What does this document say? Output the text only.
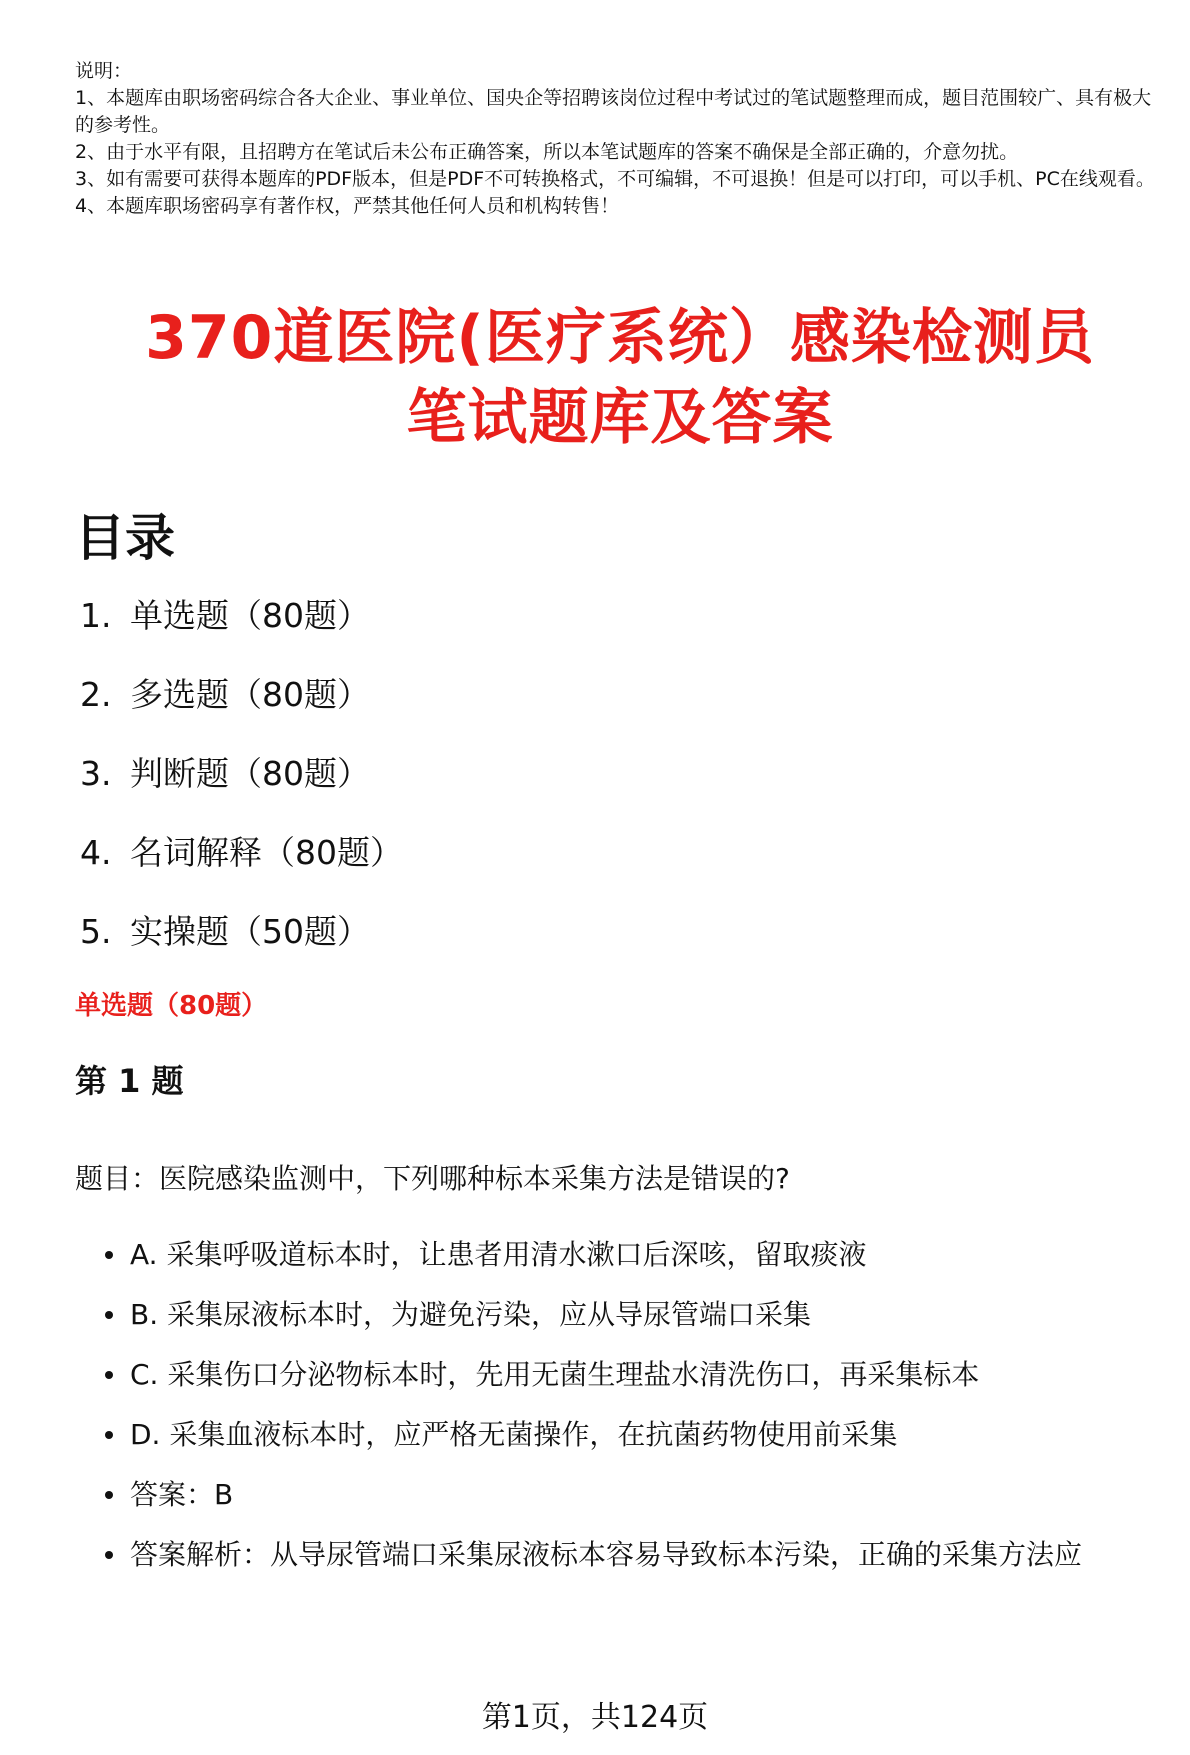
说明：

1、本题库由职场密码综合各大企业、事业单位、国央企等招聘该岗位过程中考试过的笔试题整理而成，题目范围较广、具有极大的参考性。

2、由于水平有限，且招聘方在笔试后未公布正确答案，所以本笔试题库的答案不确保是全部正确的，介意勿扰。

3、如有需要可获得本题库的PDF版本，但是PDF不可转换格式，不可编辑，不可退换！但是可以打印，可以手机、PC在线观看。

4、本题库职场密码享有著作权，严禁其他任何人员和机构转售！

370道医院(医疗系统）感染检测员
笔试题库及答案
目录
1. 单选题（80题）
2. 多选题（80题）
3. 判断题（80题）
4. 名词解释（80题）
5. 实操题（50题）
单选题（80题）
第 1 题
题目：医院感染监测中，下列哪种标本采集方法是错误的?
A. 采集呼吸道标本时，让患者用清水漱口后深咳，留取痰液
B. 采集尿液标本时，为避免污染，应从导尿管端口采集
C. 采集伤口分泌物标本时，先用无菌生理盐水清洗伤口，再采集标本
D. 采集血液标本时，应严格无菌操作，在抗菌药物使用前采集
答案：B
答案解析：从导尿管端口采集尿液标本容易导致标本污染，正确的采集方法应
第1页，共124页
